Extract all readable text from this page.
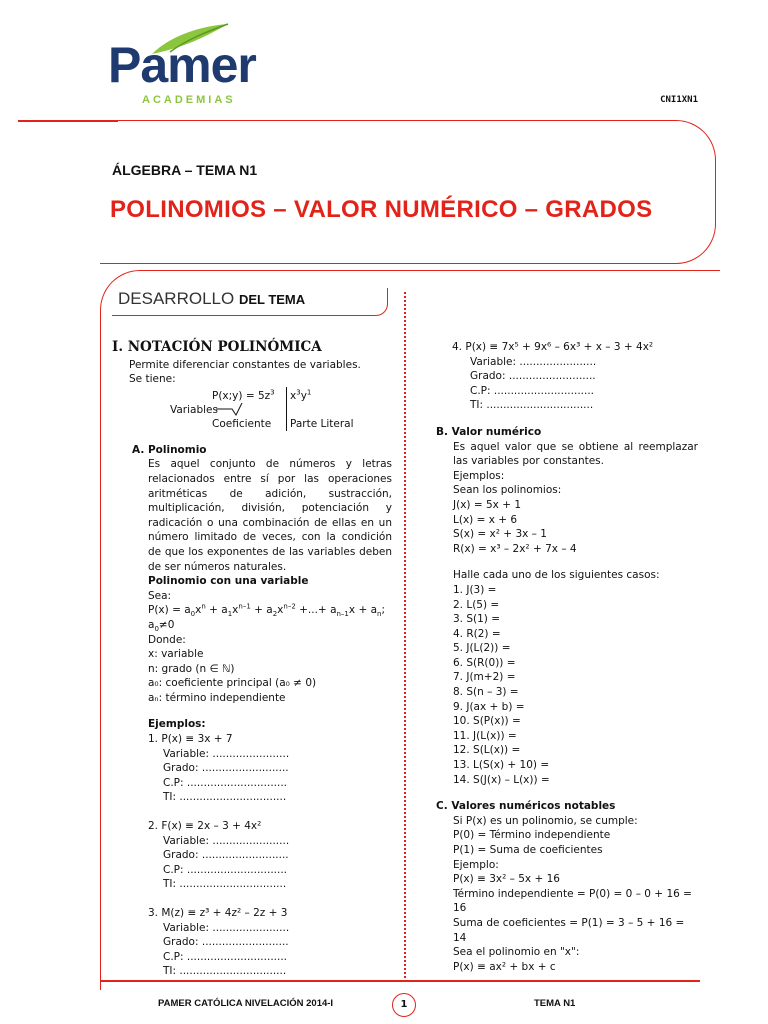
Pamer
ACADEMIAS	CNI1XN1
ÁLGEBRA – TEMA N1
POLINOMIOS – VALOR NUMÉRICO – GRADOS
DESARROLLO DEL TEMA

I. NOTACIÓN POLINÓMICA

Permite diferenciar constantes de variables.

Se tiene:

P(x;y) = $5z^3$ $x^3y^1$
Variables
Coeficiente Parte Literal

A. Polinomio

Es aquel conjunto de números y letras relacionados entre sí por las operaciones aritméticas de adición, sustracción, multiplicación, división, potenciación y radicación o una combinación de ellas en un número limitado de veces, con la condición de que los exponentes de las variables deben de ser números naturales.

Polinomio con una variable

Sea:

$P(x) = a_0x^n + a_1x^{n-1} + a_2x^{n-2}$ +...+ $a_{n-1}x + a_n$; $a_0\ne 0$

Donde:

x: variable

n: grado (n ∈ ℕ)

a₀: coeficiente principal (a₀ ≠ 0)

aₙ: término independiente

Ejemplos:

1. P(x) ≡ 3x + 7

Variable: .......................

Grado: ..........................

C.P: ..............................

TI: ................................

2. F(x) ≡ 2x – 3 + 4x²

Variable: .......................

Grado: ..........................

C.P: ..............................

TI: ................................

3. M(z) ≡ z³ + 4z² – 2z + 3

Variable: .......................

Grado: ..........................

C.P: ..............................

TI: ................................

4. P(x) ≡ 7x⁵ + 9x⁶ – 6x³ + x – 3 + 4x²

Variable: .......................

Grado: ..........................

C.P: ..............................

TI: ................................

B. Valor numérico

Es aquel valor que se obtiene al reemplazar las variables por constantes.

Ejemplos:

Sean los polinomios:

J(x) = 5x + 1

L(x) = x + 6

S(x) = x² + 3x – 1

R(x) = x³ – 2x² + 7x – 4

Halle cada uno de los siguientes casos:

1. J(3) =

2. L(5) =

3. S(1) =

4. R(2) =

5. J(L(2)) =

6. S(R(0)) =

7. J(m+2) =

8. S(n – 3) =

9. J(ax + b) =

10. S(P(x)) =

11. J(L(x)) =

12. S(L(x)) =

13. L(S(x) + 10) =

14. S(J(x) – L(x)) =

C. Valores numéricos notables

Si P(x) es un polinomio, se cumple:

P(0) = Término independiente

P(1) = Suma de coeficientes

Ejemplo:

P(x) ≡ 3x² – 5x + 16

Término independiente = P(0) = 0 – 0 + 16 = 16

Suma de coeficientes = P(1) = 3 – 5 + 16 = 14

Sea el polinomio en "x":

P(x) ≡ ax² + bx + c

PAMER CATÓLICA NIVELACIÓN 2014-I	1	TEMA N1
